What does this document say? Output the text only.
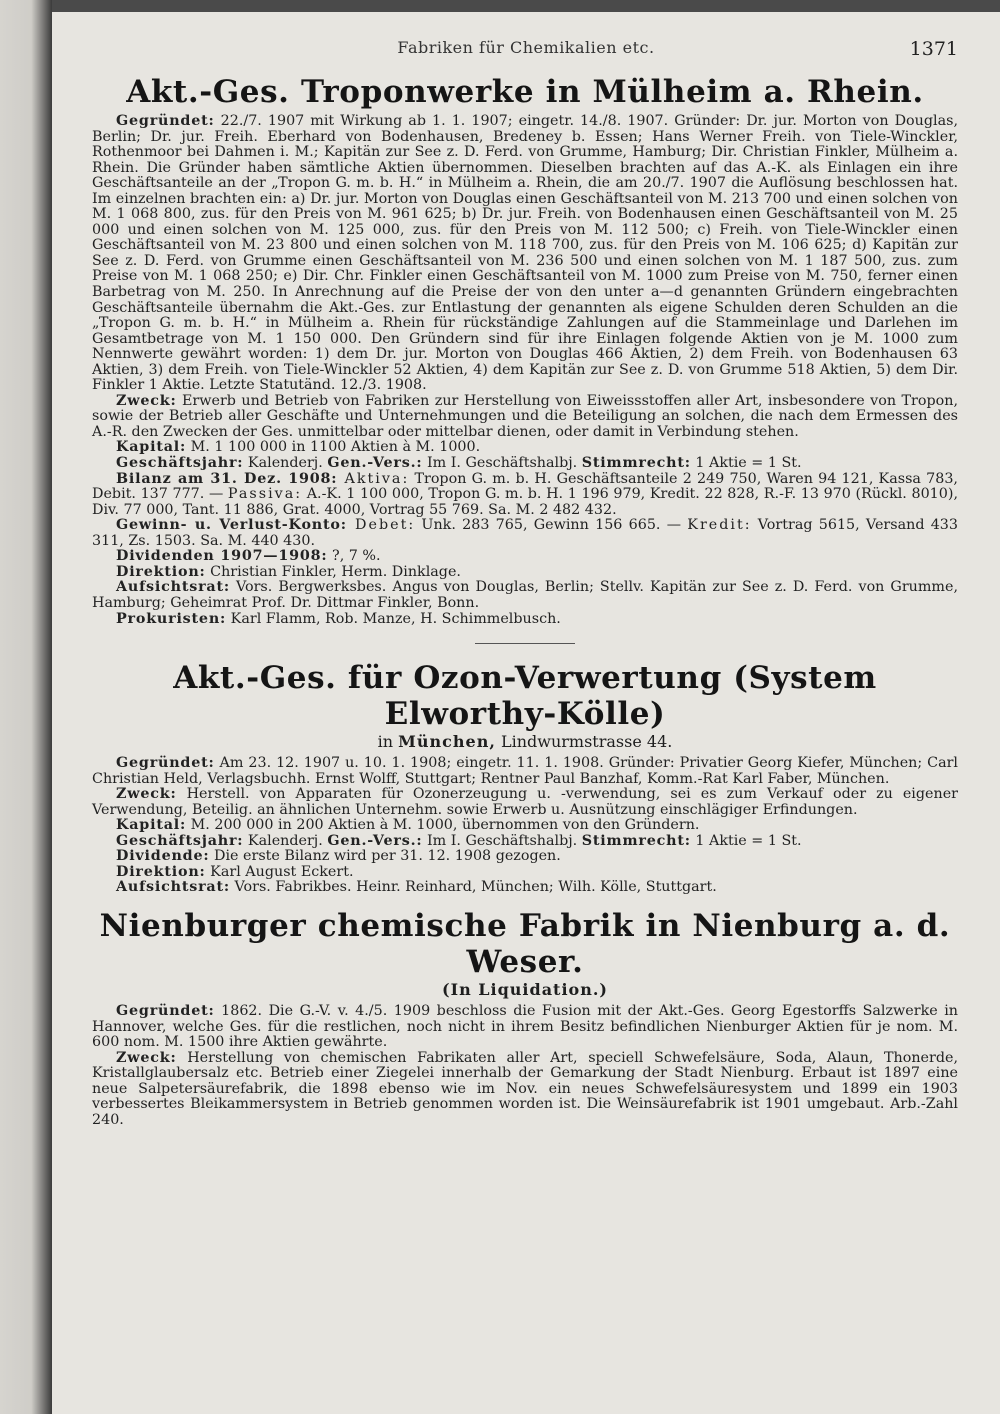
Fabriken für Chemikalien etc.	1371
Akt.-Ges. Troponwerke in Mülheim a. Rhein.

Gegründet: 22./7. 1907 mit Wirkung ab 1. 1. 1907; eingetr. 14./8. 1907. Gründer: Dr. jur. Morton von Douglas, Berlin; Dr. jur. Freih. Eberhard von Bodenhausen, Bredeney b. Essen; Hans Werner Freih. von Tiele-Winckler, Rothenmoor bei Dahmen i. M.; Kapitän zur See z. D. Ferd. von Grumme, Hamburg; Dir. Christian Finkler, Mülheim a. Rhein. Die Gründer haben sämtliche Aktien übernommen. Dieselben brachten auf das A.-K. als Einlagen ein ihre Geschäftsanteile an der „Tropon G. m. b. H.“ in Mülheim a. Rhein, die am 20./7. 1907 die Auflösung beschlossen hat. Im einzelnen brachten ein: a) Dr. jur. Morton von Douglas einen Geschäftsanteil von M. 213 700 und einen solchen von M. 1 068 800, zus. für den Preis von M. 961 625; b) Dr. jur. Freih. von Bodenhausen einen Geschäftsanteil von M. 25 000 und einen solchen von M. 125 000, zus. für den Preis von M. 112 500; c) Freih. von Tiele-Winckler einen Geschäftsanteil von M. 23 800 und einen solchen von M. 118 700, zus. für den Preis von M. 106 625; d) Kapitän zur See z. D. Ferd. von Grumme einen Geschäftsanteil von M. 236 500 und einen solchen von M. 1 187 500, zus. zum Preise von M. 1 068 250; e) Dir. Chr. Finkler einen Geschäftsanteil von M. 1000 zum Preise von M. 750, ferner einen Barbetrag von M. 250. In Anrechnung auf die Preise der von den unter a—d genannten Gründern eingebrachten Geschäftsanteile übernahm die Akt.-Ges. zur Entlastung der genannten als eigene Schulden deren Schulden an die „Tropon G. m. b. H.“ in Mülheim a. Rhein für rückständige Zahlungen auf die Stammeinlage und Darlehen im Gesamtbetrage von M. 1 150 000. Den Gründern sind für ihre Einlagen folgende Aktien von je M. 1000 zum Nennwerte gewährt worden: 1) dem Dr. jur. Morton von Douglas 466 Aktien, 2) dem Freih. von Bodenhausen 63 Aktien, 3) dem Freih. von Tiele-Winckler 52 Aktien, 4) dem Kapitän zur See z. D. von Grumme 518 Aktien, 5) dem Dir. Finkler 1 Aktie. Letzte Statutänd. 12./3. 1908.

Zweck: Erwerb und Betrieb von Fabriken zur Herstellung von Eiweissstoffen aller Art, insbesondere von Tropon, sowie der Betrieb aller Geschäfte und Unternehmungen und die Beteiligung an solchen, die nach dem Ermessen des A.-R. den Zwecken der Ges. unmittelbar oder mittelbar dienen, oder damit in Verbindung stehen.

Kapital: M. 1 100 000 in 1100 Aktien à M. 1000.

Geschäftsjahr: Kalenderj. Gen.-Vers.: Im I. Geschäftshalbj. Stimmrecht: 1 Aktie = 1 St.

Bilanz am 31. Dez. 1908: Aktiva: Tropon G. m. b. H. Geschäftsanteile 2 249 750, Waren 94 121, Kassa 783, Debit. 137 777. — Passiva: A.-K. 1 100 000, Tropon G. m. b. H. 1 196 979, Kredit. 22 828, R.-F. 13 970 (Rückl. 8010), Div. 77 000, Tant. 11 886, Grat. 4000, Vortrag 55 769. Sa. M. 2 482 432.

Gewinn- u. Verlust-Konto: Debet: Unk. 283 765, Gewinn 156 665. — Kredit: Vortrag 5615, Versand 433 311, Zs. 1503. Sa. M. 440 430.

Dividenden 1907—1908: ?, 7 %.

Direktion: Christian Finkler, Herm. Dinklage.

Aufsichtsrat: Vors. Bergwerksbes. Angus von Douglas, Berlin; Stellv. Kapitän zur See z. D. Ferd. von Grumme, Hamburg; Geheimrat Prof. Dr. Dittmar Finkler, Bonn.

Prokuristen: Karl Flamm, Rob. Manze, H. Schimmelbusch.

Akt.-Ges. für Ozon-Verwertung (System Elworthy-Kölle)
in München, Lindwurmstrasse 44.

Gegründet: Am 23. 12. 1907 u. 10. 1. 1908; eingetr. 11. 1. 1908. Gründer: Privatier Georg Kiefer, München; Carl Christian Held, Verlagsbuchh. Ernst Wolff, Stuttgart; Rentner Paul Banzhaf, Komm.-Rat Karl Faber, München.

Zweck: Herstell. von Apparaten für Ozonerzeugung u. -verwendung, sei es zum Verkauf oder zu eigener Verwendung, Beteilig. an ähnlichen Unternehm. sowie Erwerb u. Ausnützung einschlägiger Erfindungen.

Kapital: M. 200 000 in 200 Aktien à M. 1000, übernommen von den Gründern.

Geschäftsjahr: Kalenderj. Gen.-Vers.: Im I. Geschäftshalbj. Stimmrecht: 1 Aktie = 1 St.

Dividende: Die erste Bilanz wird per 31. 12. 1908 gezogen.

Direktion: Karl August Eckert.

Aufsichtsrat: Vors. Fabrikbes. Heinr. Reinhard, München; Wilh. Kölle, Stuttgart.

Nienburger chemische Fabrik in Nienburg a. d. Weser.
(In Liquidation.)

Gegründet: 1862. Die G.-V. v. 4./5. 1909 beschloss die Fusion mit der Akt.-Ges. Georg Egestorffs Salzwerke in Hannover, welche Ges. für die restlichen, noch nicht in ihrem Besitz befindlichen Nienburger Aktien für je nom. M. 600 nom. M. 1500 ihre Aktien gewährte.

Zweck: Herstellung von chemischen Fabrikaten aller Art, speciell Schwefelsäure, Soda, Alaun, Thonerde, Kristallglaubersalz etc. Betrieb einer Ziegelei innerhalb der Gemarkung der Stadt Nienburg. Erbaut ist 1897 eine neue Salpetersäurefabrik, die 1898 ebenso wie im Nov. ein neues Schwefelsäuresystem und 1899 ein 1903 verbessertes Bleikammersystem in Betrieb genommen worden ist. Die Weinsäurefabrik ist 1901 umgebaut. Arb.-Zahl 240.
